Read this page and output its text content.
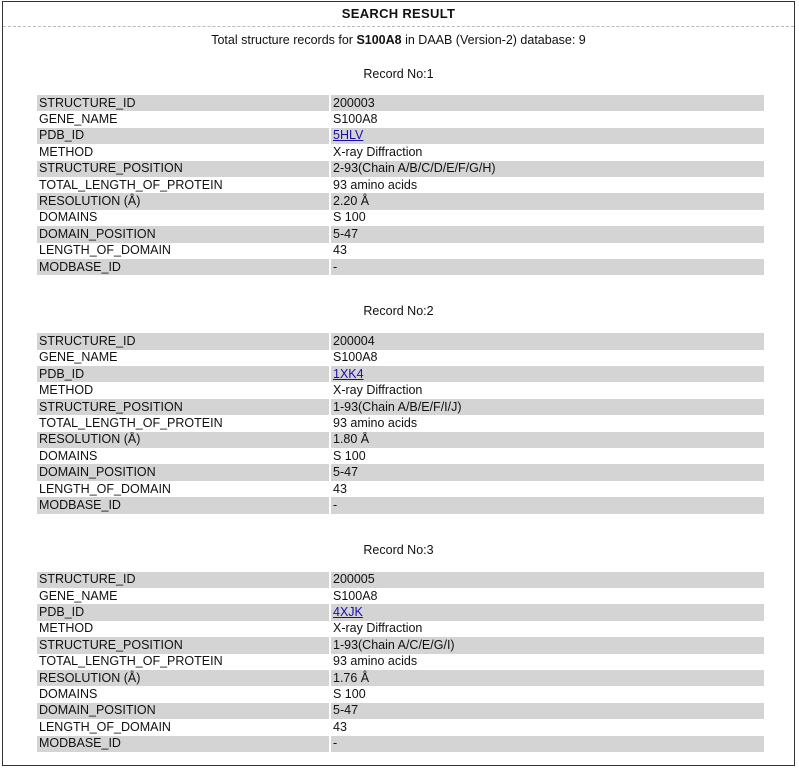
SEARCH RESULT
Total structure records for S100A8 in DAAB (Version-2) database: 9
Record No:1
STRUCTURE_ID		200003
GENE_NAME		S100A8
PDB_ID		5HLV
METHOD		X-ray Diffraction
STRUCTURE_POSITION		2-93(Chain A/B/C/D/E/F/G/H)
TOTAL_LENGTH_OF_PROTEIN		93 amino acids
RESOLUTION (Å)		2.20 Å
DOMAINS		S 100
DOMAIN_POSITION		5-47
LENGTH_OF_DOMAIN		43
MODBASE_ID		-
Record No:2
STRUCTURE_ID		200004
GENE_NAME		S100A8
PDB_ID		1XK4
METHOD		X-ray Diffraction
STRUCTURE_POSITION		1-93(Chain A/B/E/F/I/J)
TOTAL_LENGTH_OF_PROTEIN		93 amino acids
RESOLUTION (Å)		1.80 Å
DOMAINS		S 100
DOMAIN_POSITION		5-47
LENGTH_OF_DOMAIN		43
MODBASE_ID		-
Record No:3
STRUCTURE_ID		200005
GENE_NAME		S100A8
PDB_ID		4XJK
METHOD		X-ray Diffraction
STRUCTURE_POSITION		1-93(Chain A/C/E/G/I)
TOTAL_LENGTH_OF_PROTEIN		93 amino acids
RESOLUTION (Å)		1.76 Å
DOMAINS		S 100
DOMAIN_POSITION		5-47
LENGTH_OF_DOMAIN		43
MODBASE_ID		-
